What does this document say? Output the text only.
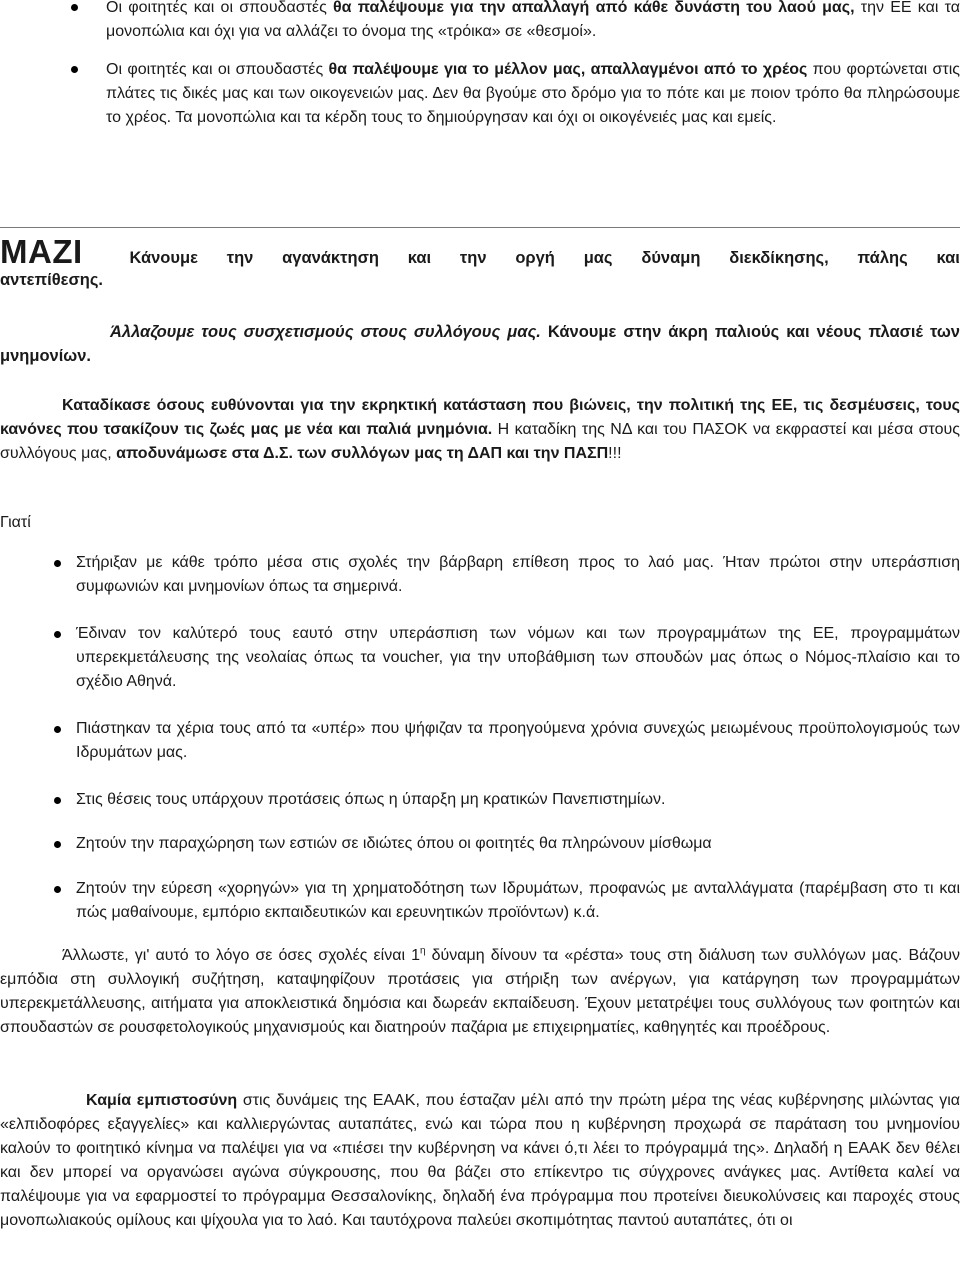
Οι φοιτητές και οι σπουδαστές θα παλέψουμε για την απαλλαγή από κάθε δυνάστη του λαού μας, την ΕΕ και τα μονοπώλια και όχι για να αλλάζει το όνομα της «τρόικα» σε «θεσμοί».

Οι φοιτητές και οι σπουδαστές θα παλέψουμε για το μέλλον μας, απαλλαγμένοι από το χρέος που φορτώνεται στις πλάτες τις δικές μας και των οικογενειών μας. Δεν θα βγούμε στο δρόμο για το πότε και με ποιον τρόπο θα πληρώσουμε το χρέος. Τα μονοπώλια και τα κέρδη τους το δημιούργησαν και όχι οι οικογένειές μας και εμείς.

ΜΑΖΙ	Κάνουμε την αγανάκτηση και την οργή μας δύναμη διεκδίκησης, πάλης και
αντεπίθεσης.

Άλλαζουμε τους συσχετισμούς στους συλλόγους μας. Κάνουμε στην άκρη παλιούς και νέους πλασιέ των μνημονίων.

Καταδίκασε όσους ευθύνονται για την εκρηκτική κατάσταση που βιώνεις, την πολιτική της ΕΕ, τις δεσμέυσεις, τους κανόνες που τσακίζουν τις ζωές μας με νέα και παλιά μνημόνια. Η καταδίκη της ΝΔ και του ΠΑΣΟΚ να εκφραστεί και μέσα στους συλλόγους μας, αποδυνάμωσε στα Δ.Σ. των συλλόγων μας τη ΔΑΠ και την ΠΑΣΠ!!!

Γιατί

Στήριξαν με κάθε τρόπο μέσα στις σχολές την βάρβαρη επίθεση προς το λαό μας. Ήταν πρώτοι στην υπεράσπιση συμφωνιών και μνημονίων όπως τα σημερινά.

Έδιναν τον καλύτερό τους εαυτό στην υπεράσπιση των νόμων και των προγραμμάτων της ΕΕ, προγραμμάτων υπερεκμετάλευσης της νεολαίας όπως τα voucher, για την υποβάθμιση των σπουδών μας όπως ο Νόμος-πλαίσιο και το σχέδιο Αθηνά.

Πιάστηκαν τα χέρια τους από τα «υπέρ» που ψήφιζαν τα προηγούμενα χρόνια συνεχώς μειωμένους προϋπολογισμούς των Ιδρυμάτων μας.

Στις θέσεις τους υπάρχουν προτάσεις όπως η ύπαρξη μη κρατικών Πανεπιστημίων.

Ζητούν την παραχώρηση των εστιών σε ιδιώτες όπου οι φοιτητές θα πληρώνουν μίσθωμα

Ζητούν την εύρεση «χορηγών» για τη χρηματοδότηση των Ιδρυμάτων, προφανώς με ανταλλάγματα (παρέμβαση στο τι και πώς μαθαίνουμε, εμπόριο εκπαιδευτικών και ερευνητικών προϊόντων) κ.ά.

Άλλωστε, γι' αυτό το λόγο σε όσες σχολές είναι $1^\eta$ δύναμη δίνουν τα «ρέστα» τους στη διάλυση των συλλόγων μας. Βάζουν εμπόδια στη συλλογική συζήτηση, καταψηφίζουν προτάσεις για στήριξη των ανέργων, για κατάργηση των προγραμμάτων υπερεκμετάλλευσης, αιτήματα για αποκλειστικά δημόσια και δωρεάν εκπαίδευση. Έχουν μετατρέψει τους συλλόγους των φοιτητών και σπουδαστών σε ρουσφετολογικούς μηχανισμούς και διατηρούν παζάρια με επιχειρηματίες, καθηγητές και προέδρους.

Καμία εμπιστοσύνη στις δυνάμεις της ΕΑΑΚ, που έσταζαν μέλι από την πρώτη μέρα της νέας κυβέρνησης μιλώντας για «ελπιδοφόρες εξαγγελίες» και καλλιεργώντας αυταπάτες, ενώ και τώρα που η κυβέρνηση προχωρά σε παράταση του μνημονίου καλούν το φοιτητικό κίνημα να παλέψει για να «πιέσει την κυβέρνηση να κάνει ό,τι λέει το πρόγραμμά της». Δηλαδή η ΕΑΑΚ δεν θέλει και δεν μπορεί να οργανώσει αγώνα σύγκρουσης, που θα βάζει στο επίκεντρο τις σύγχρονες ανάγκες μας. Αντίθετα καλεί να παλέψουμε για να εφαρμοστεί το πρόγραμμα Θεσσαλονίκης, δηλαδή ένα πρόγραμμα που προτείνει διευκολύνσεις και παροχές στους μονοπωλιακούς ομίλους και ψίχουλα για το λαό. Και ταυτόχρονα παλεύει σκοπιμότητας παντού αυταπάτες, ότι οι
